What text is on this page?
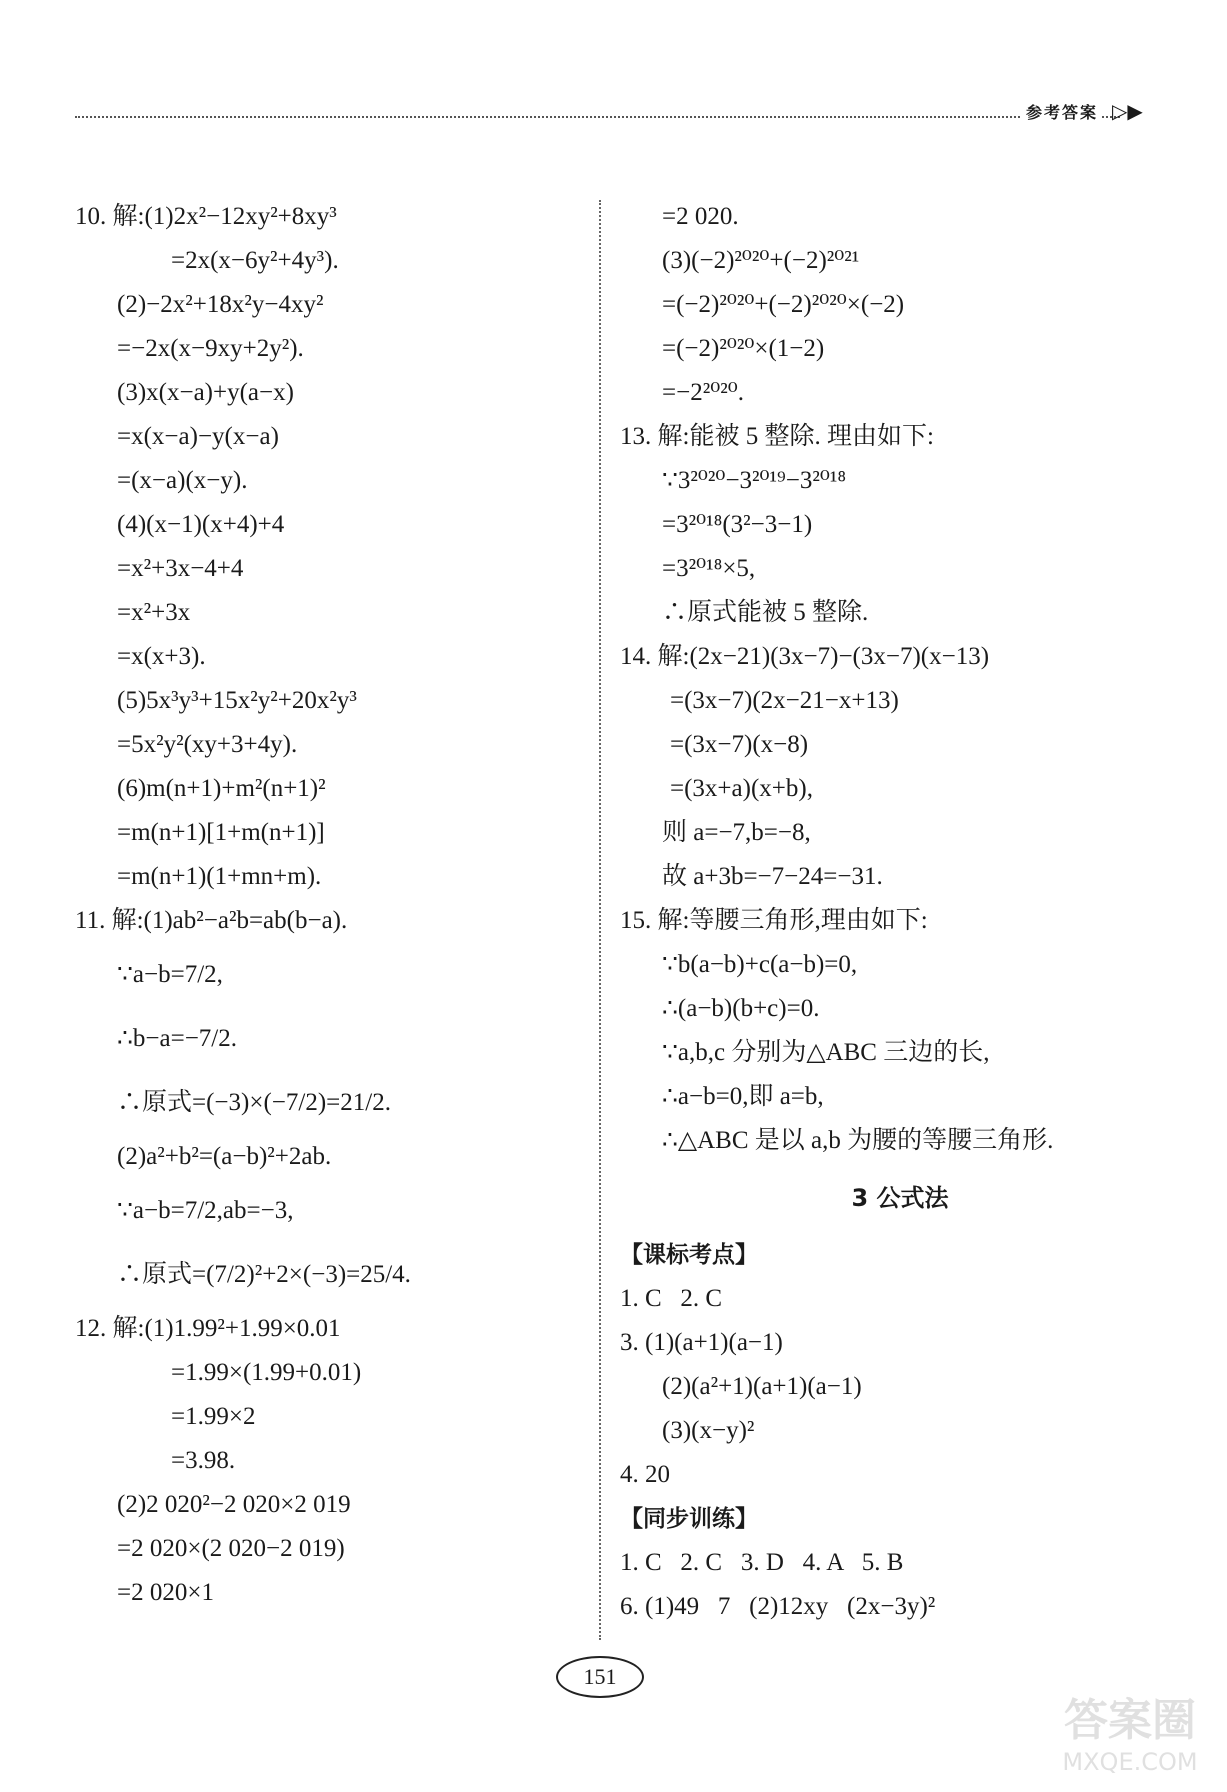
参考答案 ▷▶
10. 解:(1)2x²−12xy²+8xy³
=2x(x−6y²+4y³).
(2)−2x²+18x²y−4xy²
=−2x(x−9xy+2y²).
(3)x(x−a)+y(a−x)
=x(x−a)−y(x−a)
=(x−a)(x−y).
(4)(x−1)(x+4)+4
=x²+3x−4+4
=x²+3x
=x(x+3).
(5)5x³y³+15x²y²+20x²y³
=5x²y²(xy+3+4y).
(6)m(n+1)+m²(n+1)²
=m(n+1)[1+m(n+1)]
=m(n+1)(1+mn+m).
11. 解:(1)ab²−a²b=ab(b−a).
∵a−b=7/2,
∴b−a=−7/2.
∴原式=(−3)×(−7/2)=21/2.
(2)a²+b²=(a−b)²+2ab.
∵a−b=7/2,ab=−3,
∴原式=(7/2)²+2×(−3)=25/4.
12. 解:(1)1.99²+1.99×0.01
=1.99×(1.99+0.01)
=1.99×2
=3.98.
(2)2 020²−2 020×2 019
=2 020×(2 020−2 019)
=2 020×1
=2 020.
(3)(−2)²⁰²⁰+(−2)²⁰²¹
=(−2)²⁰²⁰+(−2)²⁰²⁰×(−2)
=(−2)²⁰²⁰×(1−2)
=−2²⁰²⁰.
13. 解:能被 5 整除. 理由如下:
∵3²⁰²⁰−3²⁰¹⁹−3²⁰¹⁸
=3²⁰¹⁸(3²−3−1)
=3²⁰¹⁸×5,
∴原式能被 5 整除.
14. 解:(2x−21)(3x−7)−(3x−7)(x−13)
=(3x−7)(2x−21−x+13)
=(3x−7)(x−8)
=(3x+a)(x+b),
则 a=−7,b=−8,
故 a+3b=−7−24=−31.
15. 解:等腰三角形,理由如下:
∵b(a−b)+c(a−b)=0,
∴(a−b)(b+c)=0.
∵a,b,c 分别为△ABC 三边的长,
∴a−b=0,即 a=b,
∴△ABC 是以 a,b 为腰的等腰三角形.
3 公式法
【课标考点】
1. C   2. C
3. (1)(a+1)(a−1)
(2)(a²+1)(a+1)(a−1)
(3)(x−y)²
4. 20
【同步训练】
1. C   2. C   3. D   4. A   5. B
6. (1)49   7   (2)12xy   (2x−3y)²
151
答案圈
MXQE.COM
